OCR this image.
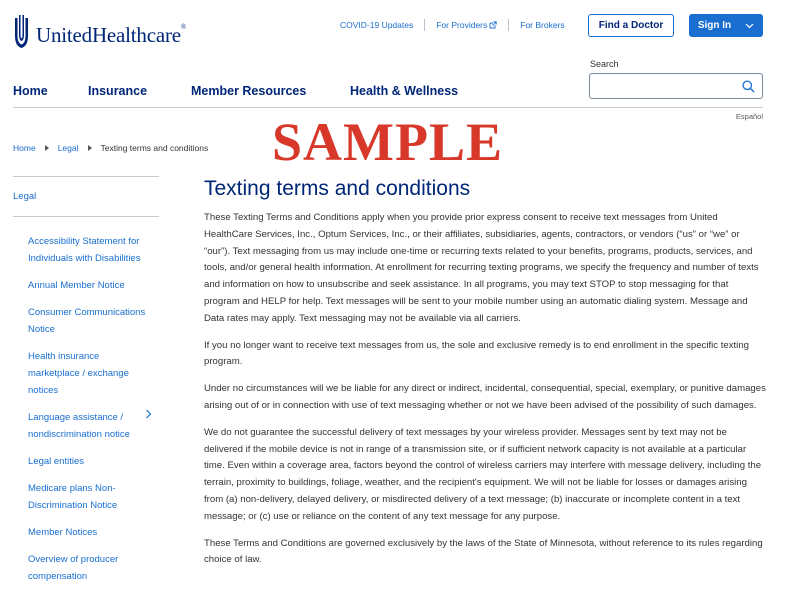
UnitedHealthcare®	COVID-19 Updates	For Providers	For Brokers	Find a Doctor	Sign In
Home	Insurance	Member Resources	Health & Wellness
Search
Español
Home	Legal	Texting terms and conditions SAMPLE
Legal
Accessibility Statement for Individuals with Disabilities
Annual Member Notice
Consumer Communications Notice
Health insurance marketplace / exchange notices
Language assistance / nondiscrimination notice
Legal entities
Medicare plans Non-Discrimination Notice
Member Notices
Overview of producer compensation
Texting terms and conditions

These Texting Terms and Conditions apply when you provide prior express consent to receive text messages from United HealthCare Services, Inc., Optum Services, Inc., or their affiliates, subsidiaries, agents, contractors, or vendors (“us” or “we” or “our”). Text messaging from us may include one-time or recurring texts related to your benefits, programs, products, services, and tools, and/or general health information. At enrollment for recurring texting programs, we specify the frequency and number of texts and information on how to unsubscribe and seek assistance. In all programs, you may text STOP to stop messaging for that program and HELP for help. Text messages will be sent to your mobile number using an automatic dialing system. Message and Data rates may apply. Text messaging may not be available via all carriers.

If you no longer want to receive text messages from us, the sole and exclusive remedy is to end enrollment in the specific texting program.

Under no circumstances will we be liable for any direct or indirect, incidental, consequential, special, exemplary, or punitive damages arising out of or in connection with use of text messaging whether or not we have been advised of the possibility of such damages.

We do not guarantee the successful delivery of text messages by your wireless provider. Messages sent by text may not be delivered if the mobile device is not in range of a transmission site, or if sufficient network capacity is not available at a particular time. Even within a coverage area, factors beyond the control of wireless carriers may interfere with message delivery, including the terrain, proximity to buildings, foliage, weather, and the recipient's equipment. We will not be liable for losses or damages arising from (a) non-delivery, delayed delivery, or misdirected delivery of a text message; (b) inaccurate or incomplete content in a text message; or (c) use or reliance on the content of any text message for any purpose.

These Terms and Conditions are governed exclusively by the laws of the State of Minnesota, without reference to its rules regarding choice of law.
